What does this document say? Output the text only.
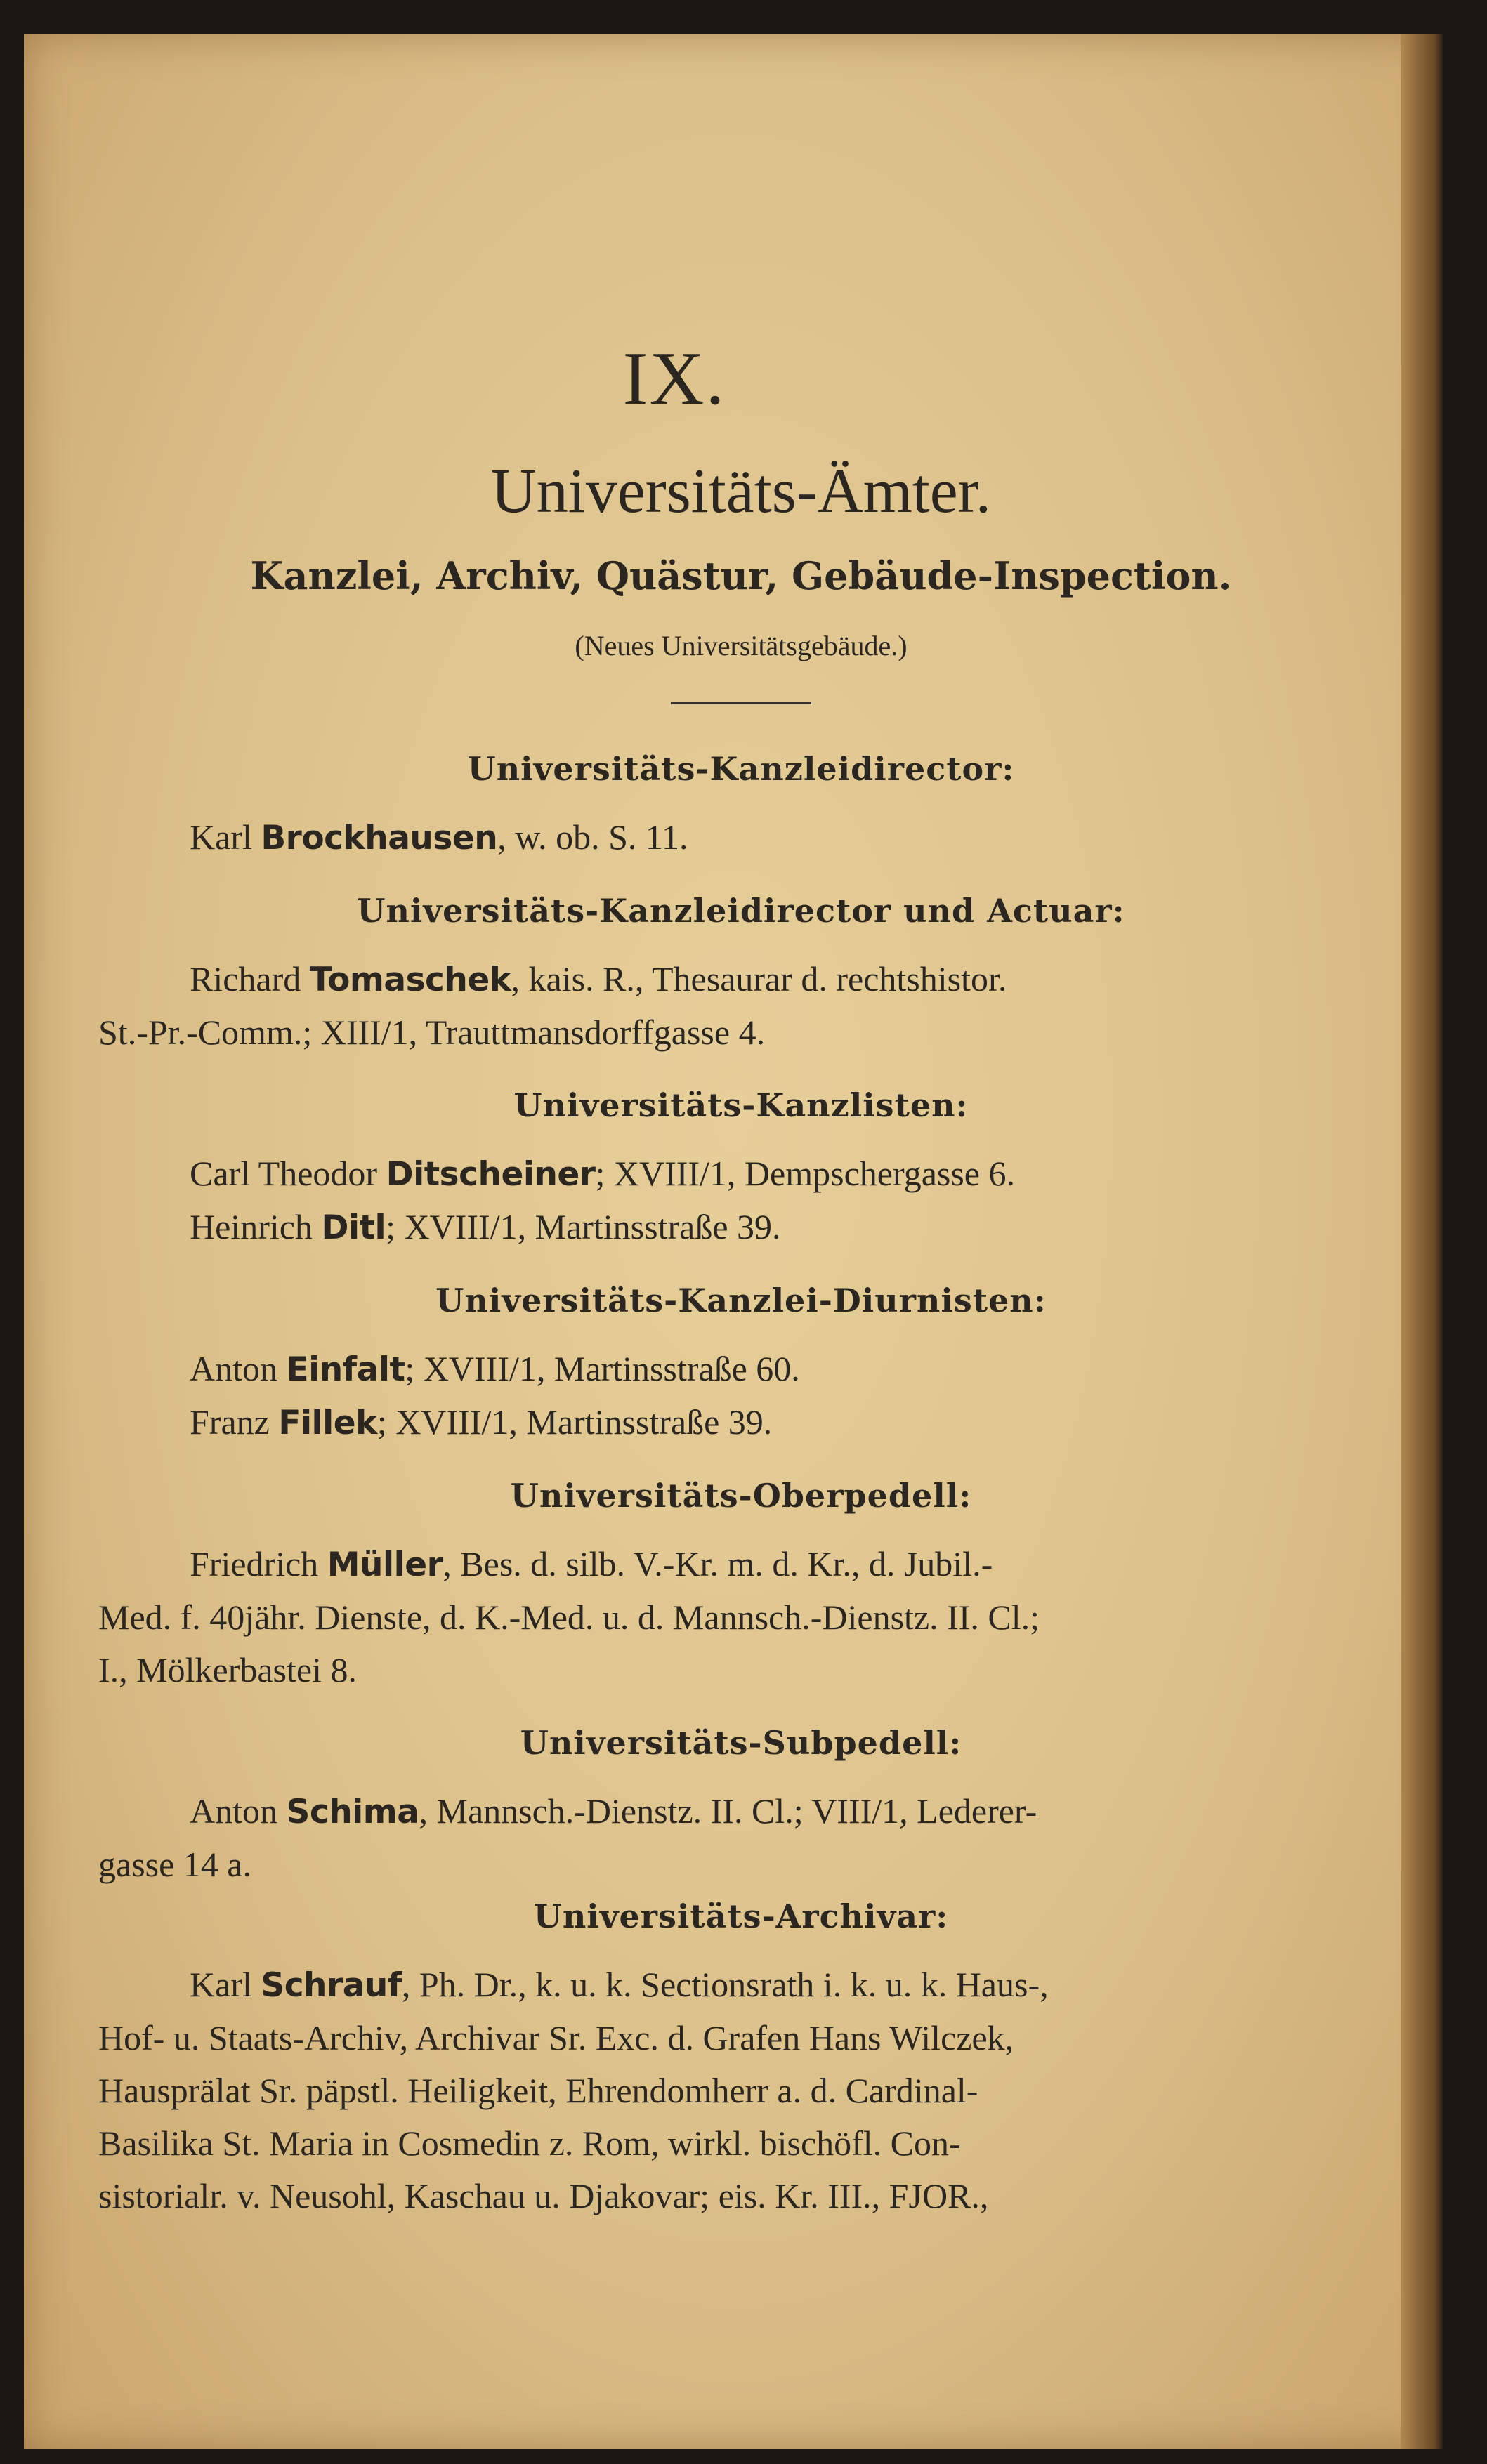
IX.
Universitäts-Ämter.
Kanzlei, Archiv, Quästur, Gebäude-Inspection.
(Neues Universitätsgebäude.)
Universitäts-Kanzleidirector:
Karl Brockhausen, w. ob. S. 11.
Universitäts-Kanzleidirector und Actuar:
Richard Tomaschek, kais. R., Thesaurar d. rechtshistor.
St.-Pr.-Comm.; XIII/1, Trauttmansdorffgasse 4.
Universitäts-Kanzlisten:
Carl Theodor Ditscheiner; XVIII/1, Dempschergasse 6.
Heinrich Ditl; XVIII/1, Martinsstraße 39.
Universitäts-Kanzlei-Diurnisten:
Anton Einfalt; XVIII/1, Martinsstraße 60.
Franz Fillek; XVIII/1, Martinsstraße 39.
Universitäts-Oberpedell:
Friedrich Müller, Bes. d. silb. V.-Kr. m. d. Kr., d. Jubil.-
Med. f. 40jähr. Dienste, d. K.-Med. u. d. Mannsch.-Dienstz. II. Cl.;
I., Mölkerbastei 8.
Universitäts-Subpedell:
Anton Schima, Mannsch.-Dienstz. II. Cl.; VIII/1, Lederer-
gasse 14 a.
Universitäts-Archivar:
Karl Schrauf, Ph. Dr., k. u. k. Sectionsrath i. k. u. k. Haus-,
Hof- u. Staats-Archiv, Archivar Sr. Exc. d. Grafen Hans Wilczek,
Hausprälat Sr. päpstl. Heiligkeit, Ehrendomherr a. d. Cardinal-
Basilika St. Maria in Cosmedin z. Rom, wirkl. bischöfl. Con-
sistorialr. v. Neusohl, Kaschau u. Djakovar; eis. Kr. III., FJOR.,
